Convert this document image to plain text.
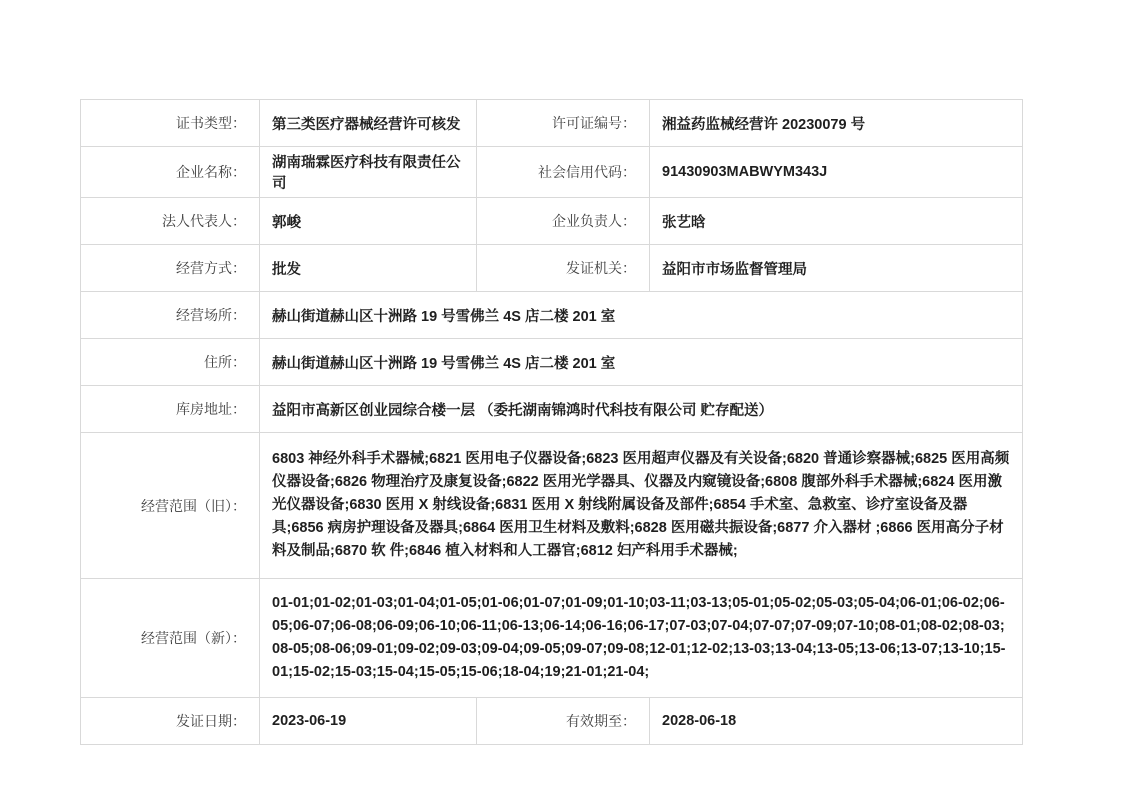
证书类型：	第三类医疗器械经营许可核发	许可证编号：	湘益药监械经营许 20230079 号
企业名称：	湖南瑞霖医疗科技有限责任公司	社会信用代码：	91430903MABWYM343J
法人代表人：	郭峻	企业负责人：	张艺晗
经营方式：	批发	发证机关：	益阳市市场监督管理局
经营场所：	赫山街道赫山区十洲路 19 号雪佛兰 4S 店二楼 201 室		
住所：	赫山街道赫山区十洲路 19 号雪佛兰 4S 店二楼 201 室		
库房地址：	益阳市高新区创业园综合楼一层 （委托湖南锦鸿时代科技有限公司 贮存配送）		
经营范围（旧）：	6803 神经外科手术器械;6821 医用电子仪器设备;6823 医用超声仪器及有关设备;6820 普通诊察器械;6825 医用高频仪器设备;6826 物理治疗及康复设备;6822 医用光学器具、仪器及内窥镜设备;6808 腹部外科手术器械;6824 医用激光仪器设备;6830 医用 X 射线设备;6831 医用 X 射线附属设备及部件;6854 手术室、急救室、诊疗室设备及器具;6856 病房护理设备及器具;6864 医用卫生材料及敷料;6828 医用磁共振设备;6877 介入器材 ;6866 医用高分子材料及制品;6870 软 件;6846 植入材料和人工器官;6812 妇产科用手术器械;		
经营范围（新）：	01-01;01-02;01-03;01-04;01-05;01-06;01-07;01-09;01-10;03-11;03-13;05-01;05-02;05-03;05-04;06-01;06-02;06-05;06-07;06-08;06-09;06-10;06-11;06-13;06-14;06-16;06-17;07-03;07-04;07-07;07-09;07-10;08-01;08-02;08-03;08-05;08-06;09-01;09-02;09-03;09-04;09-05;09-07;09-08;12-01;12-02;13-03;13-04;13-05;13-06;13-07;13-10;15-01;15-02;15-03;15-04;15-05;15-06;18-04;19;21-01;21-04;		
发证日期：	2023-06-19	有效期至：	2028-06-18
